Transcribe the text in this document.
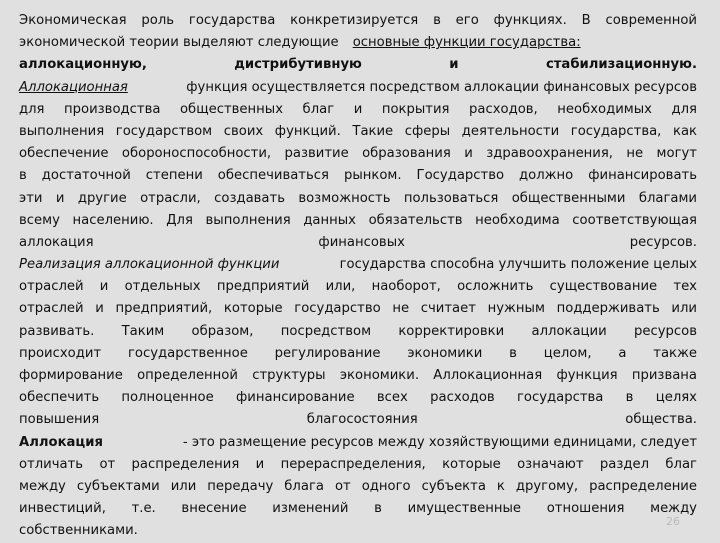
Экономическая роль государства конкретизируется в его функциях. В современной
экономической теории выделяют следующие основные функции государства:
аллокационную,	дистрибутивную	и	стабилизационную.
Аллокационная	функция осуществляется посредством аллокации финансовых ресурсов
для производства общественных благ и покрытия расходов, необходимых для
выполнения государством своих функций. Такие сферы деятельности государства, как
обеспечение обороноспособности, развитие образования и здравоохранения, не могут
в достаточной степени обеспечиваться рынком. Государство должно финансировать
эти и другие отрасли, создавать возможность пользоваться общественными благами
всему населению. Для выполнения данных обязательств необходима соответствующая
аллокация финансовых ресурсов.
Реализация аллокационной функции	государства способна улучшить положение целых
отраслей и отдельных предприятий или, наоборот, осложнить существование тех
отраслей и предприятий, которые государство не считает нужным поддерживать или
развивать. Таким образом, посредством корректировки аллокации ресурсов
происходит государственное регулирование экономики в целом, а также
формирование определенной структуры экономики. Аллокационная функция призвана
обеспечить полноценное финансирование всех расходов государства в целях
повышения благосостояния общества.
Аллокация	- это размещение ресурсов между хозяйствующими единицами, следует
отличать от распределения и перераспределения, которые означают раздел благ
между субъектами или передачу блага от одного субъекта к другому, распределение
инвестиций, т.е. внесение изменений в имущественные отношения между
собственниками.
26
